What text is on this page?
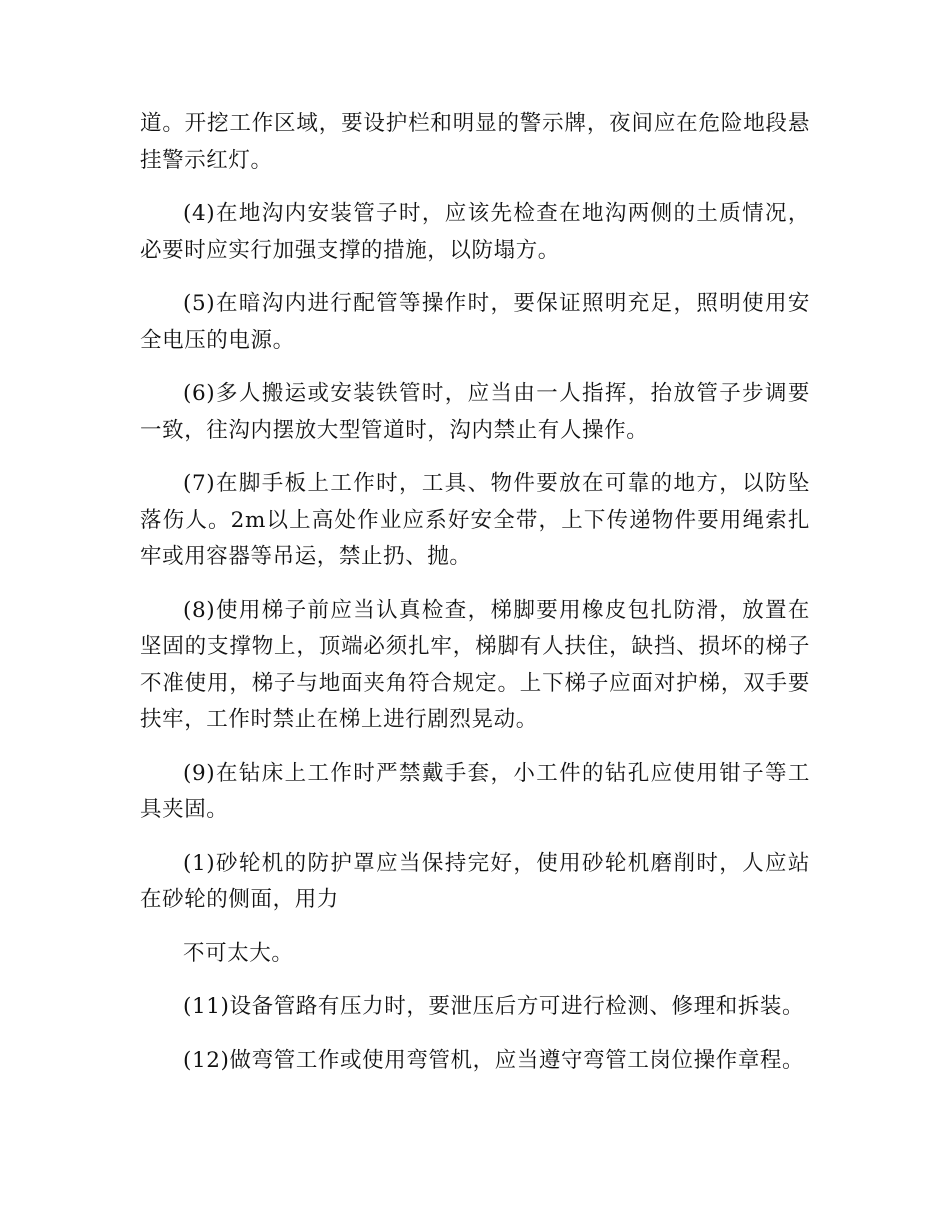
道。开挖工作区域，要设护栏和明显的警示牌，夜间应在危险地段悬挂警示红灯。

(4)在地沟内安装管子时，应该先检查在地沟两侧的土质情况，必要时应实行加强支撑的措施，以防塌方。

(5)在暗沟内进行配管等操作时，要保证照明充足，照明使用安全电压的电源。

(6)多人搬运或安装铁管时，应当由一人指挥，抬放管子步调要一致，往沟内摆放大型管道时，沟内禁止有人操作。

(7)在脚手板上工作时，工具、物件要放在可靠的地方，以防坠落伤人。2m以上高处作业应系好安全带，上下传递物件要用绳索扎牢或用容器等吊运，禁止扔、抛。

(8)使用梯子前应当认真检查，梯脚要用橡皮包扎防滑，放置在坚固的支撑物上，顶端必须扎牢，梯脚有人扶住，缺挡、损坏的梯子不准使用，梯子与地面夹角符合规定。上下梯子应面对护梯，双手要扶牢，工作时禁止在梯上进行剧烈晃动。

(9)在钻床上工作时严禁戴手套，小工件的钻孔应使用钳子等工具夹固。

(1)砂轮机的防护罩应当保持完好，使用砂轮机磨削时，人应站在砂轮的侧面，用力

不可太大。

(11)设备管路有压力时，要泄压后方可进行检测、修理和拆装。

(12)做弯管工作或使用弯管机，应当遵守弯管工岗位操作章程。
